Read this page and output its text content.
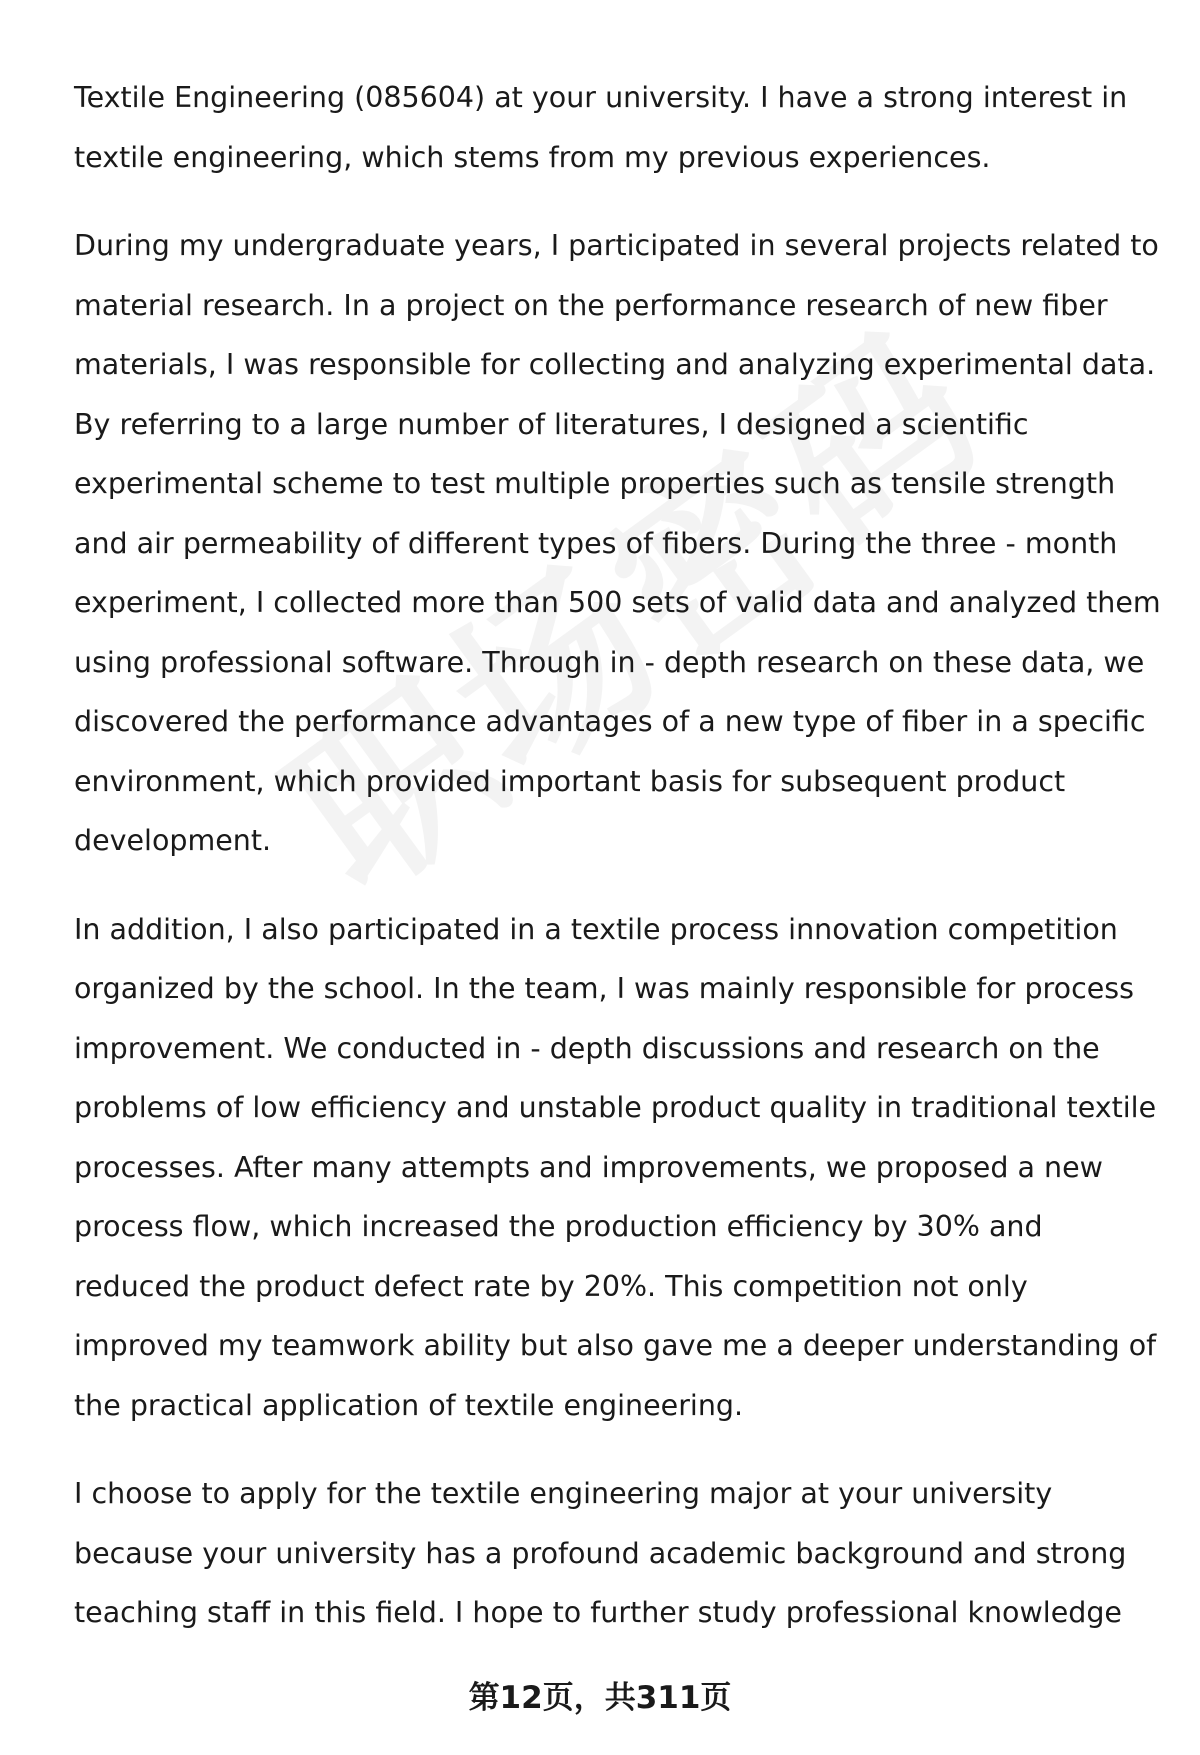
Textile Engineering (085604) at your university. I have a strong interest in
textile engineering, which stems from my previous experiences.

During my undergraduate years, I participated in several projects related to
material research. In a project on the performance research of new fiber
materials, I was responsible for collecting and analyzing experimental data.
By referring to a large number of literatures, I designed a scientific
experimental scheme to test multiple properties such as tensile strength
and air permeability of different types of fibers. During the three - month
experiment, I collected more than 500 sets of valid data and analyzed them
using professional software. Through in - depth research on these data, we
discovered the performance advantages of a new type of fiber in a specific
environment, which provided important basis for subsequent product
development.

In addition, I also participated in a textile process innovation competition
organized by the school. In the team, I was mainly responsible for process
improvement. We conducted in - depth discussions and research on the
problems of low efficiency and unstable product quality in traditional textile
processes. After many attempts and improvements, we proposed a new
process flow, which increased the production efficiency by 30% and
reduced the product defect rate by 20%. This competition not only
improved my teamwork ability but also gave me a deeper understanding of
the practical application of textile engineering.

I choose to apply for the textile engineering major at your university
because your university has a profound academic background and strong
teaching staff in this field. I hope to further study professional knowledge

第12页，共311页
